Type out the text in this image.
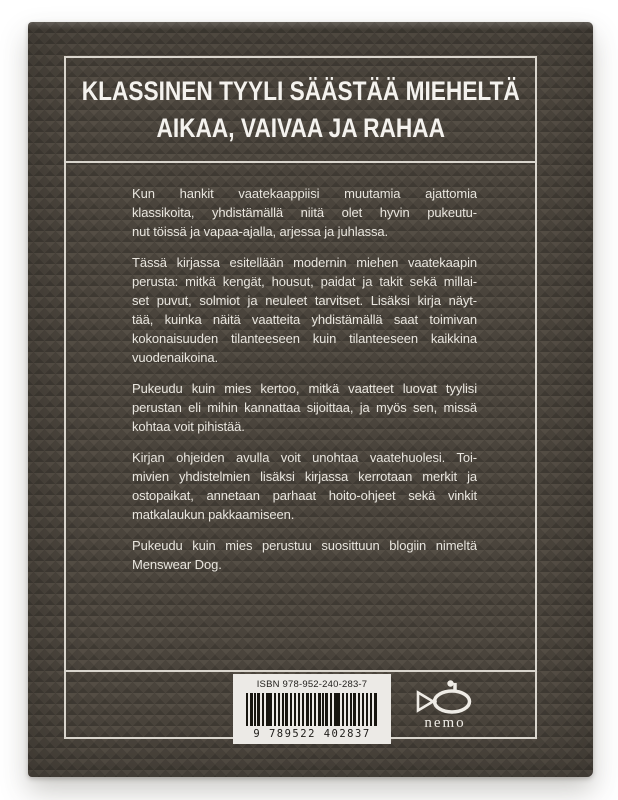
KLASSINEN TYYLI SÄÄSTÄÄ MIEHELTÄ
AIKAA, VAIVAA JA RAHAA

Kun hankit vaatekaappiisi muutamia ajattomia
klassikoita, yhdistämällä niitä olet hyvin pukeutu-
nut töissä ja vapaa-ajalla, arjessa ja juhlassa.

Tässä kirjassa esitellään modernin miehen vaatekaapin
perusta: mitkä kengät, housut, paidat ja takit sekä millai-
set puvut, solmiot ja neuleet tarvitset. Lisäksi kirja näyt-
tää, kuinka näitä vaatteita yhdistämällä saat toimivan
kokonaisuuden tilanteeseen kuin tilanteeseen kaikkina
vuodenaikoina.

Pukeudu kuin mies kertoo, mitkä vaatteet luovat tyylisi
perustan eli mihin kannattaa sijoittaa, ja myös sen, missä
kohtaa voit pihistää.

Kirjan ohjeiden avulla voit unohtaa vaatehuolesi. Toi-
mivien yhdistelmien lisäksi kirjassa kerrotaan merkit ja
ostopaikat, annetaan parhaat hoito-ohjeet sekä vinkit
matkalaukun pakkaamiseen.

Pukeudu kuin mies perustuu suosittuun blogiin nimeltä
Menswear Dog.

ISBN 978-952-240-283-7
9 789522 402837
nemo
